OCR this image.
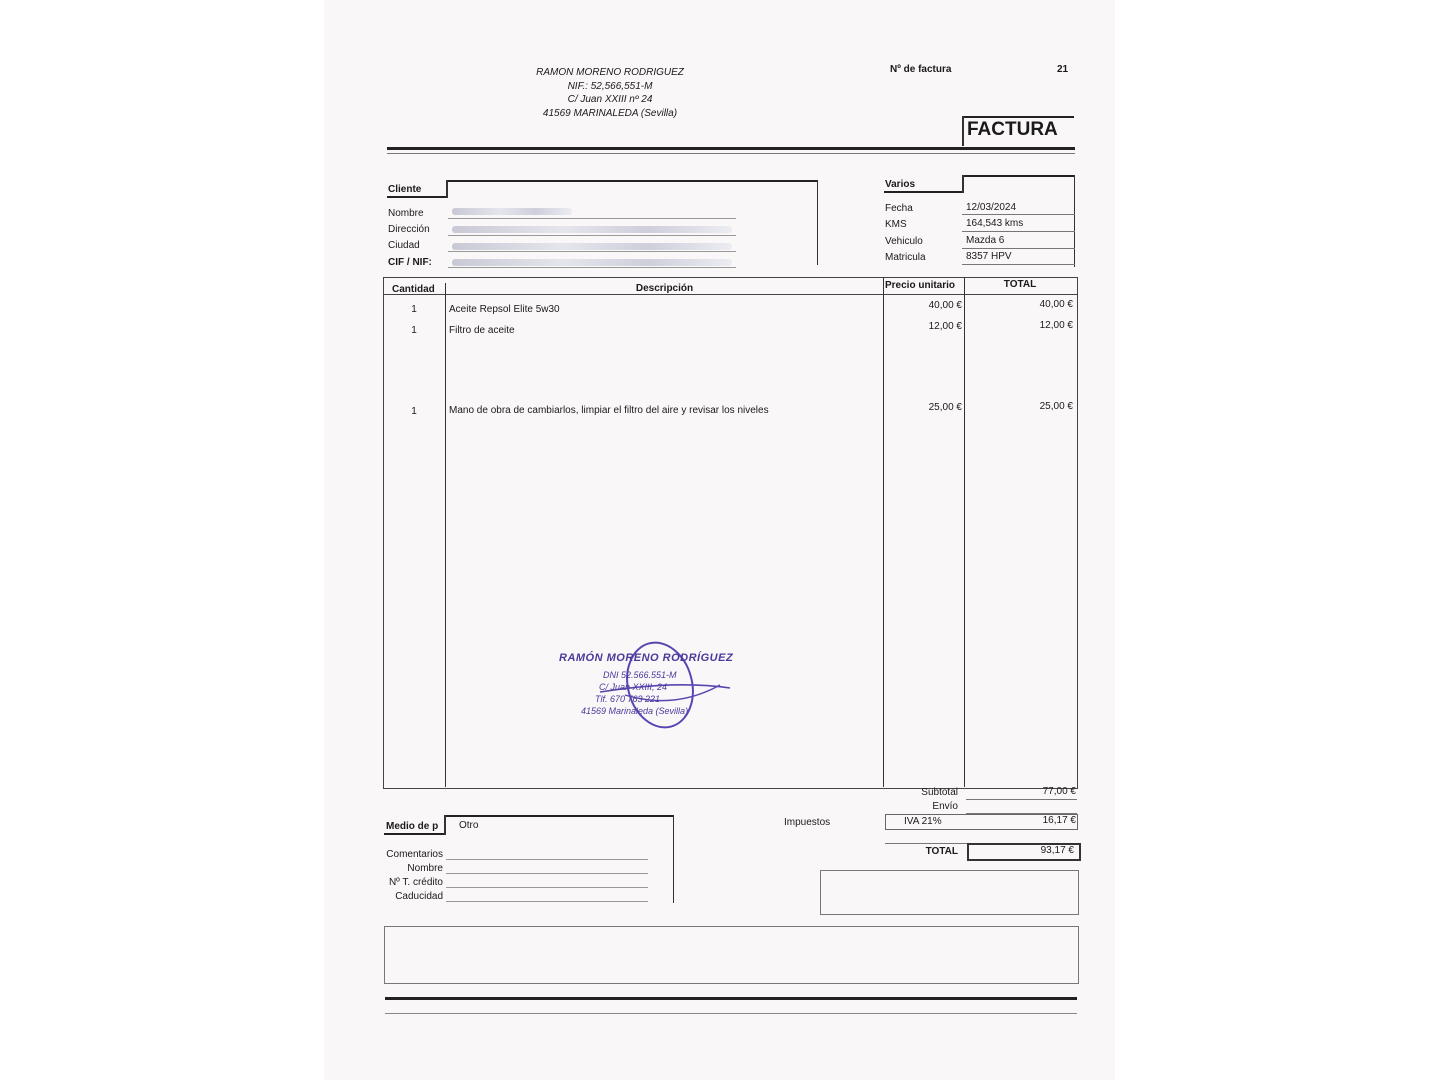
RAMON MORENO RODRIGUEZ
NIF.: 52,566,551-M
C/ Juan XXIII nº 24
41569 MARINALEDA (Sevilla)
Nº de factura	21
FACTURA
Cliente
Nombre
Dirección
Ciudad
CIF / NIF:
Varios
Fecha	12/03/2024
KMS	164,543 kms
Vehiculo	Mazda 6
Matricula	8357 HPV
Cantidad	Descripción	Precio unitario	TOTAL
1	Aceite Repsol Elite 5w30	40,00 €	40,00 €
1	Filtro de aceite	12,00 €	12,00 €
1	Mano de obra de cambiarlos, limpiar el filtro del aire y revisar los niveles	25,00 €	25,00 €
RAMÓN MORENO RODRÍGUEZ
DNI 52.566.551-M
C/ Juan XXIII, 24
Tlf. 670 763 221
41569 Marinaleda (Sevilla)
Subtotal	77,00 €
Envío
Impuestos	IVA 21%	16,17 €
TOTAL	93,17 €
Medio de p Otro
Comentarios
Nombre
Nº T. crédito
Caducidad
